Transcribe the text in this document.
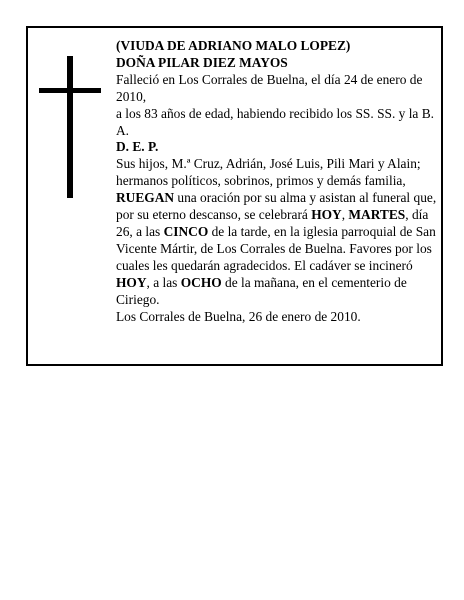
(VIUDA DE ADRIANO MALO LOPEZ)

DOÑA PILAR DIEZ MAYOS

Falleció en Los Corrales de Buelna, el día 24 de enero de 2010,

a los 83 años de edad, habiendo recibido los SS. SS. y la B. A.

D. E. P.

Sus hijos, M.ª Cruz, Adrián, José Luis, Pili Mari y Alain; hermanos políticos, sobrinos, primos y demás familia,

RUEGAN una oración por su alma y asistan al funeral que, por su eterno descanso, se celebrará HOY, MARTES, día 26, a las CINCO de la tarde, en la iglesia parroquial de San Vicente Mártir, de Los Corrales de Buelna. Favores por los cuales les quedarán agradecidos. El cadáver se incineró HOY, a las OCHO de la mañana, en el cementerio de Ciriego.

Los Corrales de Buelna, 26 de enero de 2010.
